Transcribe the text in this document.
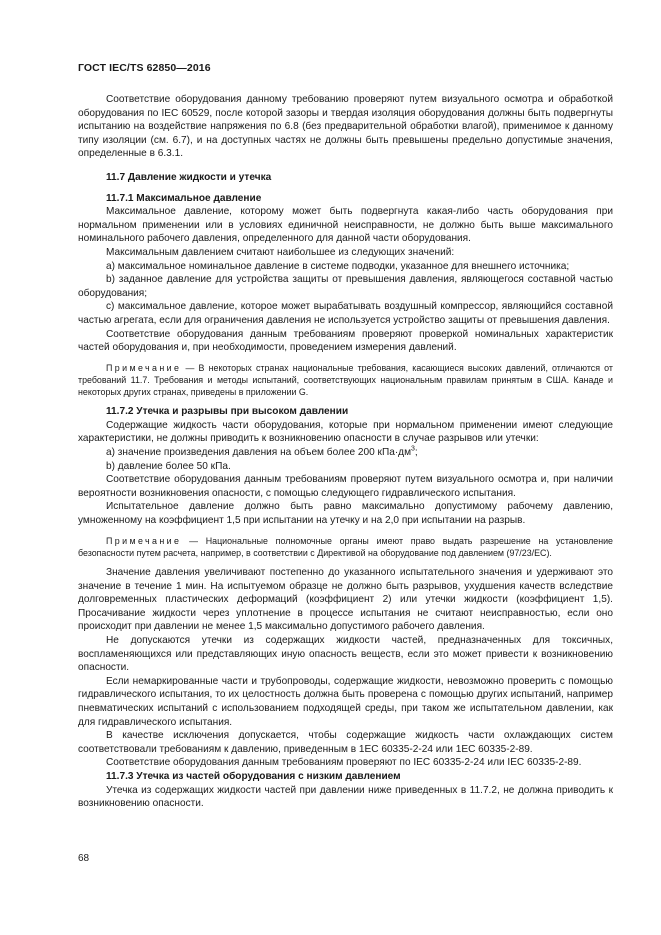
ГОСТ IEC/TS 62850—2016

Соответствие оборудования данному требованию проверяют путем визуального осмотра и обработкой оборудования по IEC 60529, после которой зазоры и твердая изоляция оборудования должны быть подвергнуты испытанию на воздействие напряжения по 6.8 (без предварительной обработки влагой), применимое к данному типу изоляции (см. 6.7), и на доступных частях не должны быть превышены предельно допустимые значения, определенные в 6.3.1.

11.7 Давление жидкости и утечка
11.7.1 Максимальное давление

Максимальное давление, которому может быть подвергнута какая-либо часть оборудования при нормальном применении или в условиях единичной неисправности, не должно быть выше максимального номинального рабочего давления, определенного для данной части оборудования.

Максимальным давлением считают наибольшее из следующих значений:

a) максимальное номинальное давление в системе подводки, указанное для внешнего источника;

b) заданное давление для устройства защиты от превышения давления, являющегося составной частью оборудования;

c) максимальное давление, которое может вырабатывать воздушный компрессор, являющийся составной частью агрегата, если для ограничения давления не используется устройство защиты от превышения давления.

Соответствие оборудования данным требованиям проверяют проверкой номинальных характеристик частей оборудования и, при необходимости, проведением измерения давлений.

Примечание — В некоторых странах национальные требования, касающиеся высоких давлений, отличаются от требований 11.7. Требования и методы испытаний, соответствующих национальным правилам принятым в США. Канаде и некоторых других странах, приведены в приложении G.

11.7.2 Утечка и разрывы при высоком давлении

Содержащие жидкость части оборудования, которые при нормальном применении имеют следующие характеристики, не должны приводить к возникновению опасности в случае разрывов или утечки:

a) значение произведения давления на объем более 200 $кПа\cdot дм^3$;

b) давление более 50 кПа.

Соответствие оборудования данным требованиям проверяют путем визуального осмотра и, при наличии вероятности возникновения опасности, с помощью следующего гидравлического испытания.

Испытательное давление должно быть равно максимально допустимому рабочему давлению, умноженному на коэффициент 1,5 при испытании на утечку и на 2,0 при испытании на разрыв.

Примечание — Национальные полномочные органы имеют право выдать разрешение на установление безопасности путем расчета, например, в соответствии с Директивой на оборудование под давлением (97/23/EC).

Значение давления увеличивают постепенно до указанного испытательного значения и удерживают это значение в течение 1 мин. На испытуемом образце не должно быть разрывов, ухудшения качеств вследствие долговременных пластических деформаций (коэффициент 2) или утечки жидкости (коэффициент 1,5). Просачивание жидкости через уплотнение в процессе испытания не считают неисправностью, если оно происходит при давлении не менее 1,5 максимально допустимого рабочего давления.

Не допускаются утечки из содержащих жидкости частей, предназначенных для токсичных, воспламеняющихся или представляющих иную опасность веществ, если это может привести к возникновению опасности.

Если немаркированные части и трубопроводы, содержащие жидкости, невозможно проверить с помощью гидравлического испытания, то их целостность должна быть проверена с помощью других испытаний, например пневматических испытаний с использованием подходящей среды, при таком же испытательном давлении, как для гидравлического испытания.

В качестве исключения допускается, чтобы содержащие жидкость части охлаждающих систем соответствовали требованиям к давлению, приведенным в 1EC 60335-2-24 или 1EC 60335-2-89.

Соответствие оборудования данным требованиям проверяют по IEC 60335-2-24 или IEC 60335-2-89.

11.7.3 Утечка из частей оборудования с низким давлением

Утечка из содержащих жидкости частей при давлении ниже приведенных в 11.7.2, не должна приводить к возникновению опасности.

68
